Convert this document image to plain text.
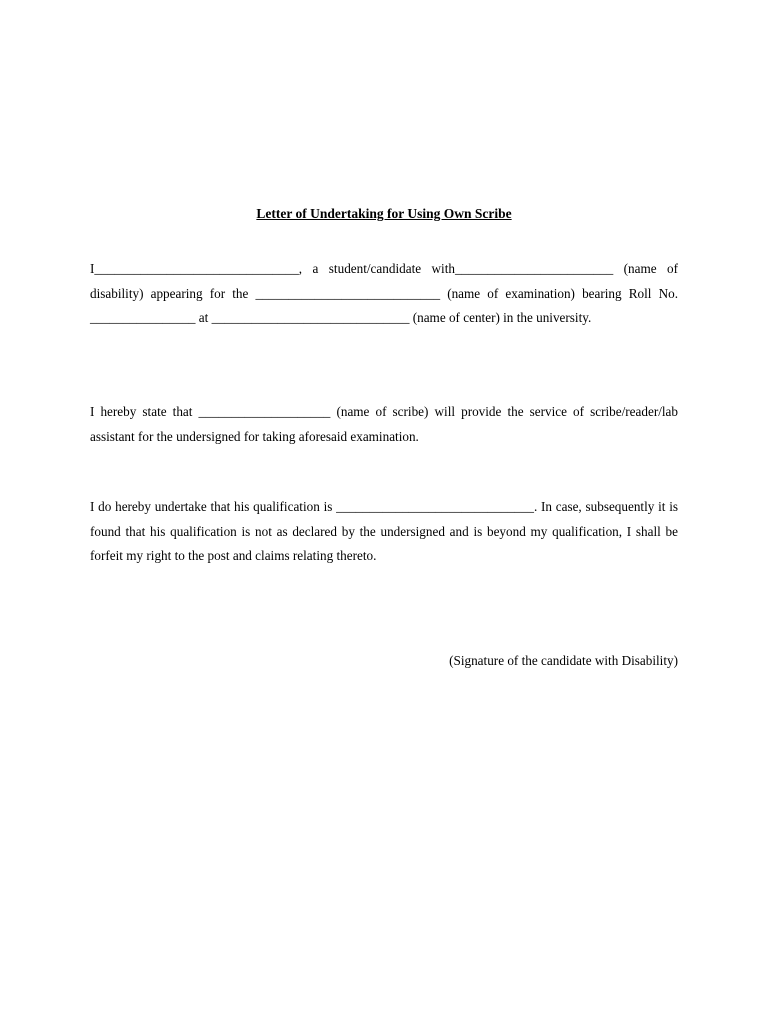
Letter of Undertaking for Using Own Scribe

I_______________________________, a student/candidate with________________________ (name of disability) appearing for the ____________________________ (name of examination) bearing Roll No. ________________ at ______________________________ (name of center) in the university.

I hereby state that ____________________ (name of scribe) will provide the service of scribe/reader/lab assistant for the undersigned for taking aforesaid examination.

I do hereby undertake that his qualification is ______________________________. In case, subsequently it is found that his qualification is not as declared by the undersigned and is beyond my qualification, I shall be forfeit my right to the post and claims relating thereto.

(Signature of the candidate with Disability)
